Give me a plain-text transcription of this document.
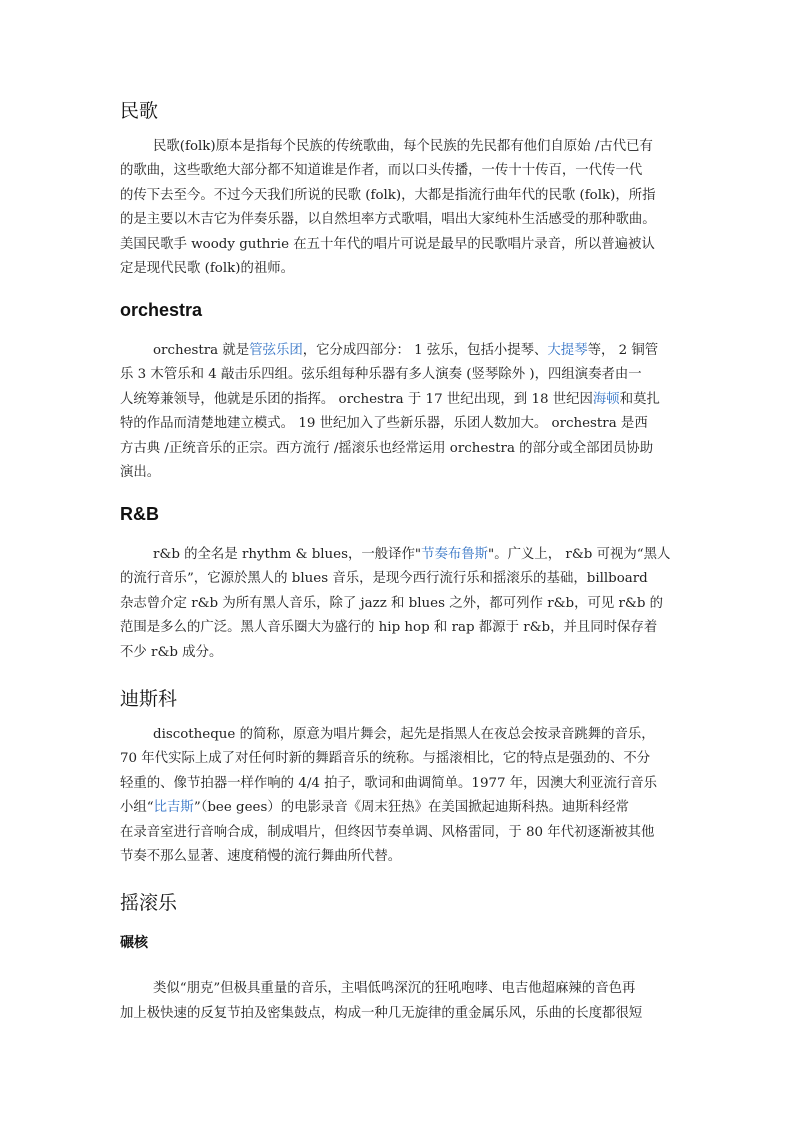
民歌
民歌(folk)原本是指每个民族的传统歌曲，每个民族的先民都有他们自原始 /古代已有
的歌曲，这些歌绝大部分都不知道谁是作者，而以口头传播，一传十十传百，一代传一代
的传下去至今。不过今天我们所说的民歌 (folk)，大都是指流行曲年代的民歌 (folk)，所指
的是主要以木吉它为伴奏乐器，以自然坦率方式歌唱，唱出大家纯朴生活感受的那种歌曲。
美国民歌手 woody guthrie 在五十年代的唱片可说是最早的民歌唱片录音，所以普遍被认
定是现代民歌 (folk)的祖师。
orchestra
orchestra 就是管弦乐团，它分成四部分： 1 弦乐，包括小提琴、大提琴等， 2 铜管
乐 3 木管乐和 4 敲击乐四组。弦乐组每种乐器有多人演奏 (竖琴除外 )，四组演奏者由一
人统筹兼领导，他就是乐团的指挥。 orchestra 于 17 世纪出现，到 18 世纪因海顿和莫扎
特的作品而清楚地建立模式。 19 世纪加入了些新乐器，乐团人数加大。 orchestra 是西
方古典 /正统音乐的正宗。西方流行 /摇滚乐也经常运用 orchestra 的部分或全部团员协助
演出。
R&B
r&b 的全名是 rhythm & blues，一般译作"节奏布鲁斯"。广义上， r&b 可视为“黑人
的流行音乐”，它源於黑人的 blues 音乐，是现今西行流行乐和摇滚乐的基础，billboard
杂志曾介定 r&b 为所有黑人音乐，除了 jazz 和 blues 之外，都可列作 r&b，可见 r&b 的
范围是多么的广泛。黑人音乐圈大为盛行的 hip hop 和 rap 都源于 r&b，并且同时保存着
不少 r&b 成分。
迪斯科
discotheque 的简称，原意为唱片舞会，起先是指黑人在夜总会按录音跳舞的音乐，
70 年代实际上成了对任何时新的舞蹈音乐的统称。与摇滚相比，它的特点是强劲的、不分
轻重的、像节拍器一样作响的 4/4 拍子，歌词和曲调简单。1977 年，因澳大利亚流行音乐
小组“比吉斯”（bee gees）的电影录音《周末狂热》在美国掀起迪斯科热。迪斯科经常
在录音室进行音响合成，制成唱片，但终因节奏单调、风格雷同，于 80 年代初逐渐被其他
节奏不那么显著、速度稍慢的流行舞曲所代替。
摇滚乐
碾核
类似“朋克”但极具重量的音乐，主唱低鸣深沉的狂吼咆哮、电吉他超麻辣的音色再
加上极快速的反复节拍及密集鼓点，构成一种几无旋律的重金属乐风，乐曲的长度都很短
